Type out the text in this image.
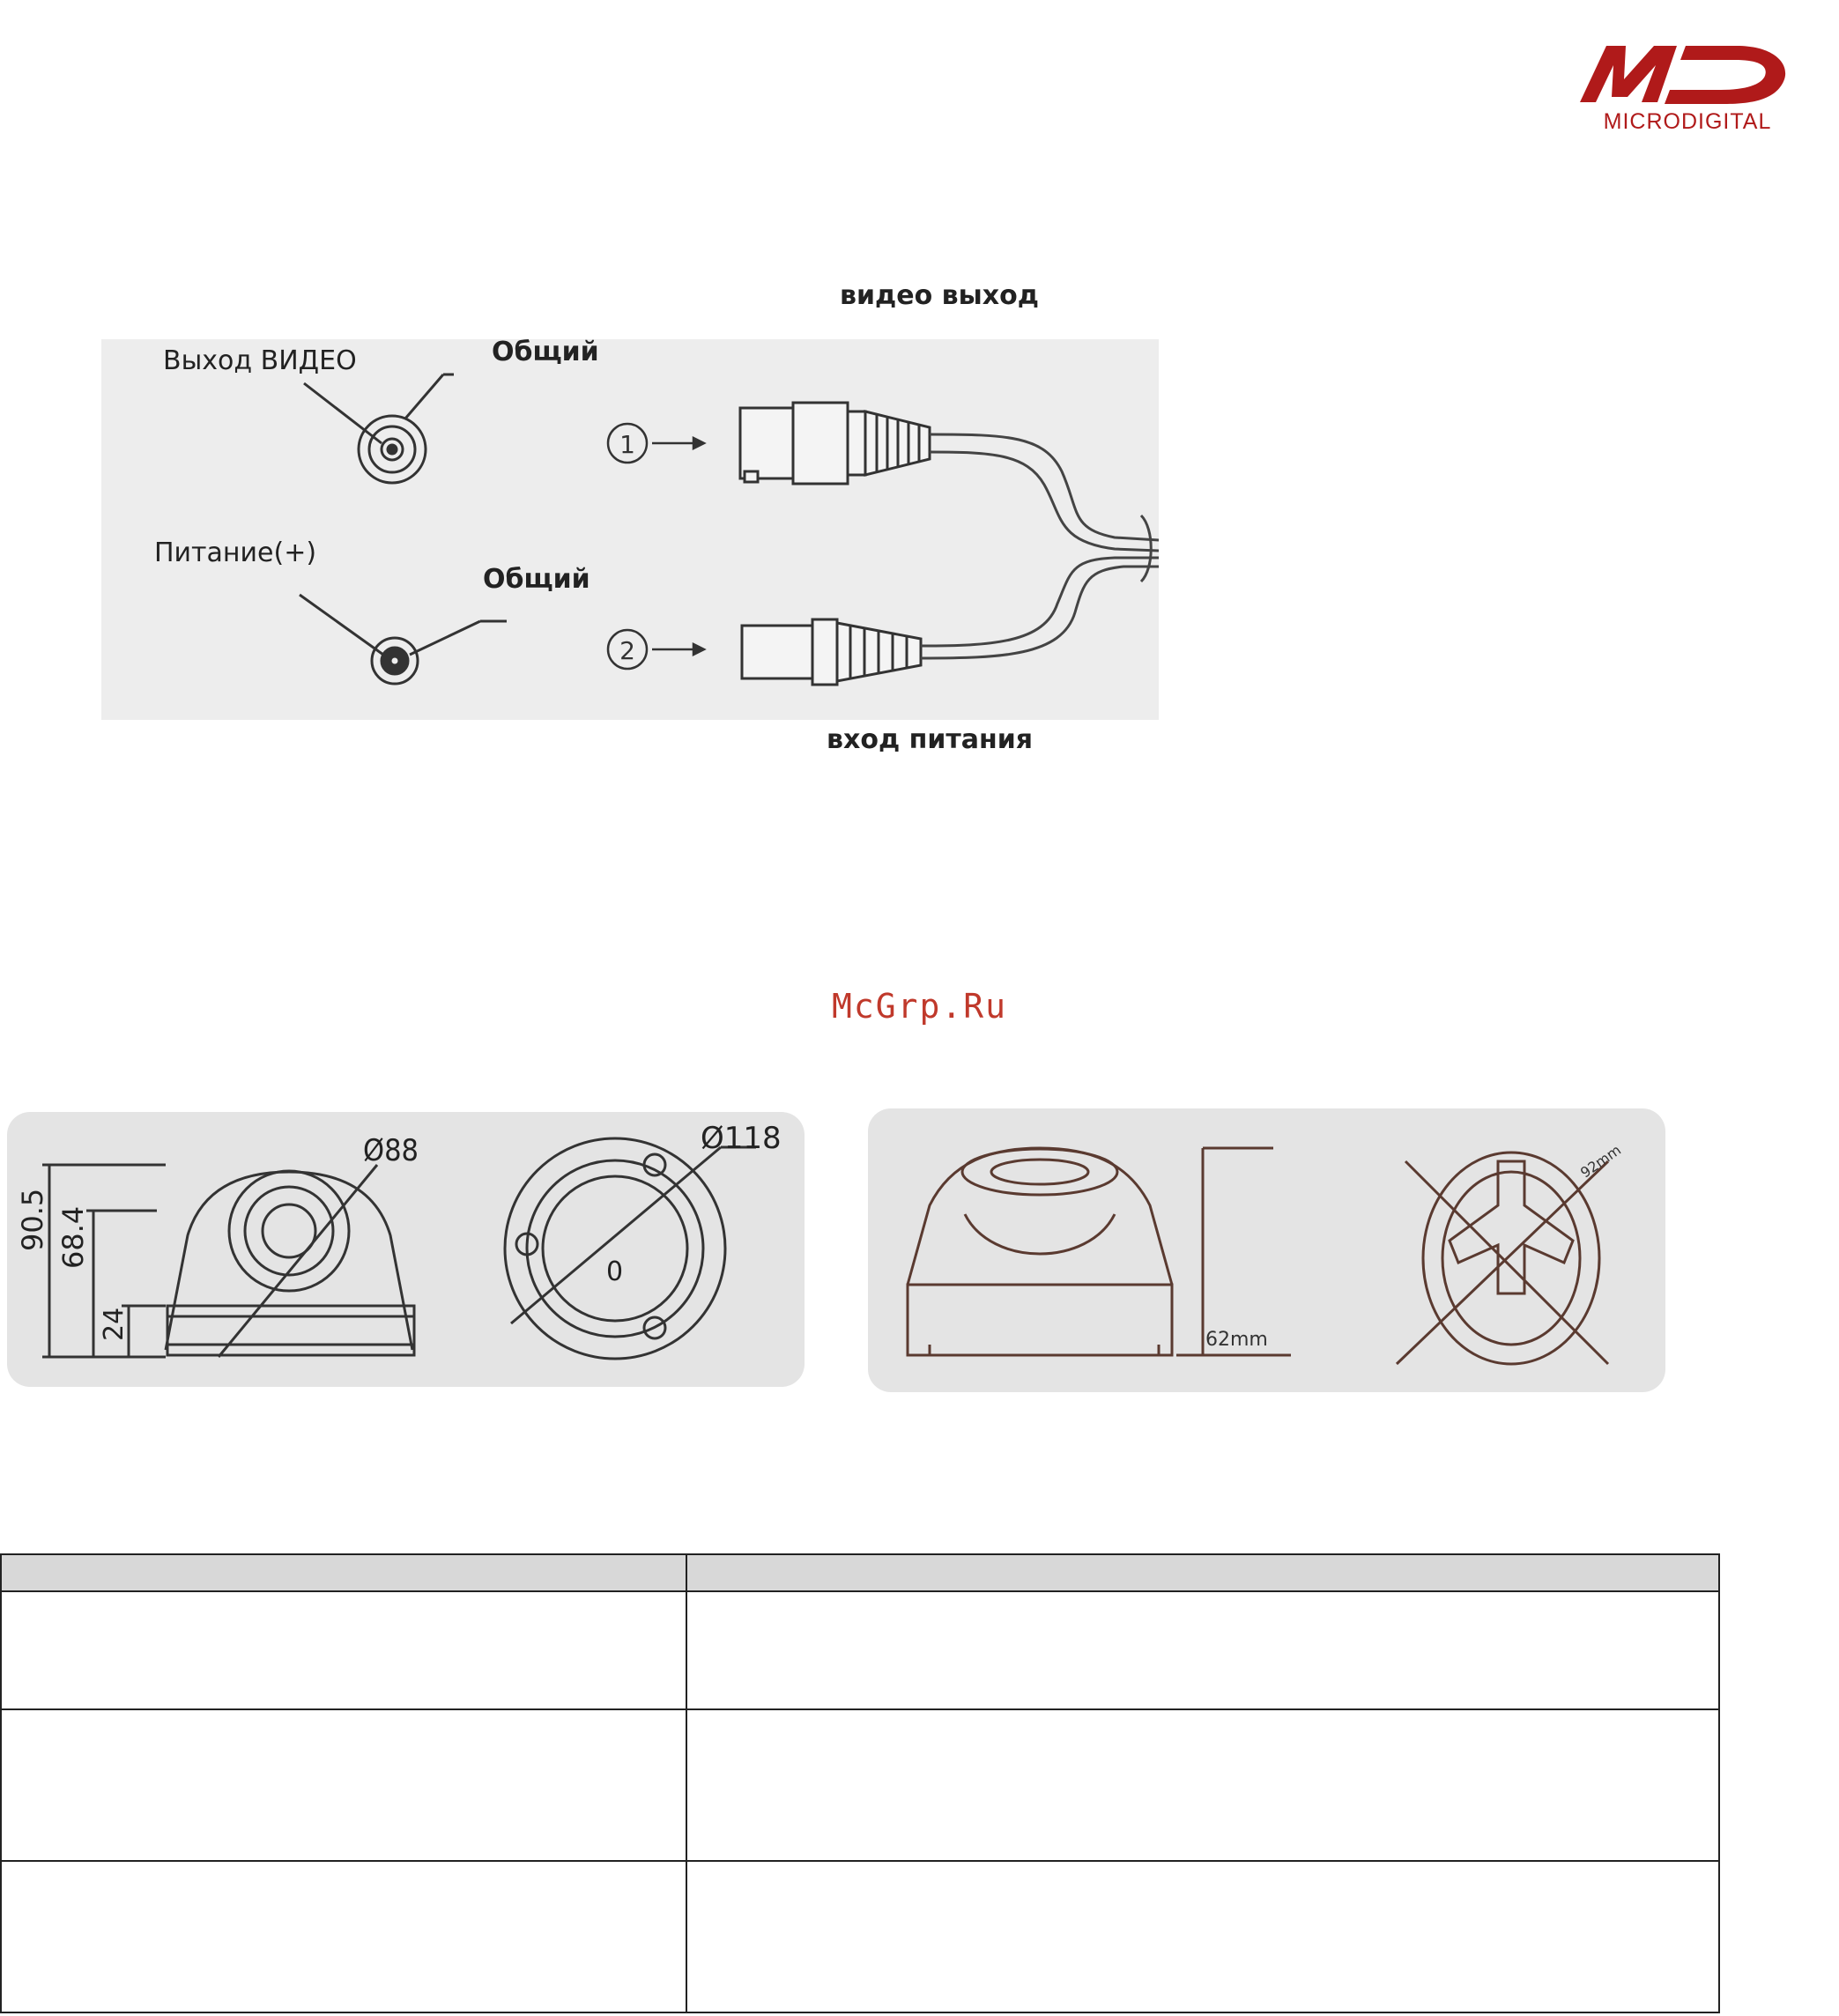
MICRODIGITAL
видео выход
1
2
Выход ВИДЕО	Общий
Питание(+)
Общий
вход питания
McGrp.Ru
Ø88	Ø118
90.5 68.4
24
0
62mm
92mm
